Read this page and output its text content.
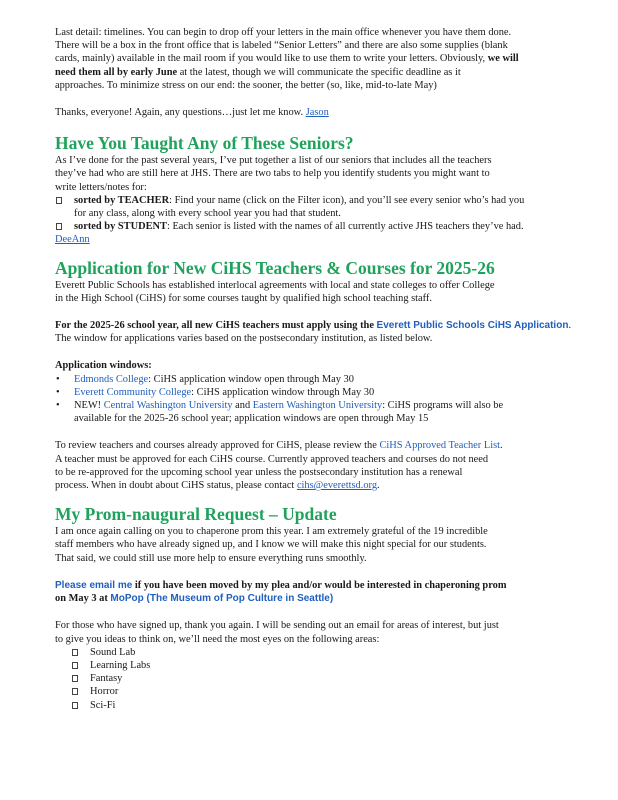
Last detail: timelines. You can begin to drop off your letters in the main office whenever you have them done.

There will be a box in the front office that is labeled “Senior Letters” and there are also some supplies (blank

cards, mainly) available in the mail room if you would like to use them to write your letters. Obviously, we will

need them all by early June at the latest, though we will communicate the specific deadline as it

approaches. To minimize stress on our end: the sooner, the better (so, like, mid-to-late May)

Thanks, everyone! Again, any questions…just let me know. Jason

Have You Taught Any of These Seniors?

As I’ve done for the past several years, I’ve put together a list of our seniors that includes all the teachers

they’ve had who are still here at JHS. There are two tabs to help you identify students you might want to

write letters/notes for:

sorted by TEACHER: Find your name (click on the Filter icon), and you’ll see every senior who’s had you
for any class, along with every school year you had that student.
sorted by STUDENT: Each senior is listed with the names of all currently active JHS teachers they’ve had.

DeeAnn

Application for New CiHS Teachers & Courses for 2025-26

Everett Public Schools has established interlocal agreements with local and state colleges to offer College

in the High School (CiHS) for some courses taught by qualified high school teaching staff.

For the 2025-26 school year, all new CiHS teachers must apply using the Everett Public Schools CiHS Application. The window for applications varies based on the postsecondary institution, as listed below.

Application windows:

• Edmonds College: CiHS application window open through May 30
• Everett Community College: CiHS application window through May 30
• NEW! Central Washington University and Eastern Washington University: CiHS programs will also be
available for the 2025-26 school year; application windows are open through May 15

To review teachers and courses already approved for CiHS, please review the CiHS Approved Teacher List.

A teacher must be approved for each CiHS course. Currently approved teachers and courses do not need

to be re-approved for the upcoming school year unless the postsecondary institution has a renewal

process. When in doubt about CiHS status, please contact cihs@everettsd.org.

My Prom-naugural Request – Update

I am once again calling on you to chaperone prom this year. I am extremely grateful of the 19 incredible

staff members who have already signed up, and I know we will make this night special for our students.

That said, we could still use more help to ensure everything runs smoothly.

Please email me if you have been moved by my plea and/or would be interested in chaperoning prom

on May 3 at MoPop (The Museum of Pop Culture in Seattle)

For those who have signed up, thank you again. I will be sending out an email for areas of interest, but just

to give you ideas to think on, we’ll need the most eyes on the following areas:

Sound Lab
Learning Labs
Fantasy
Horror
Sci-Fi
